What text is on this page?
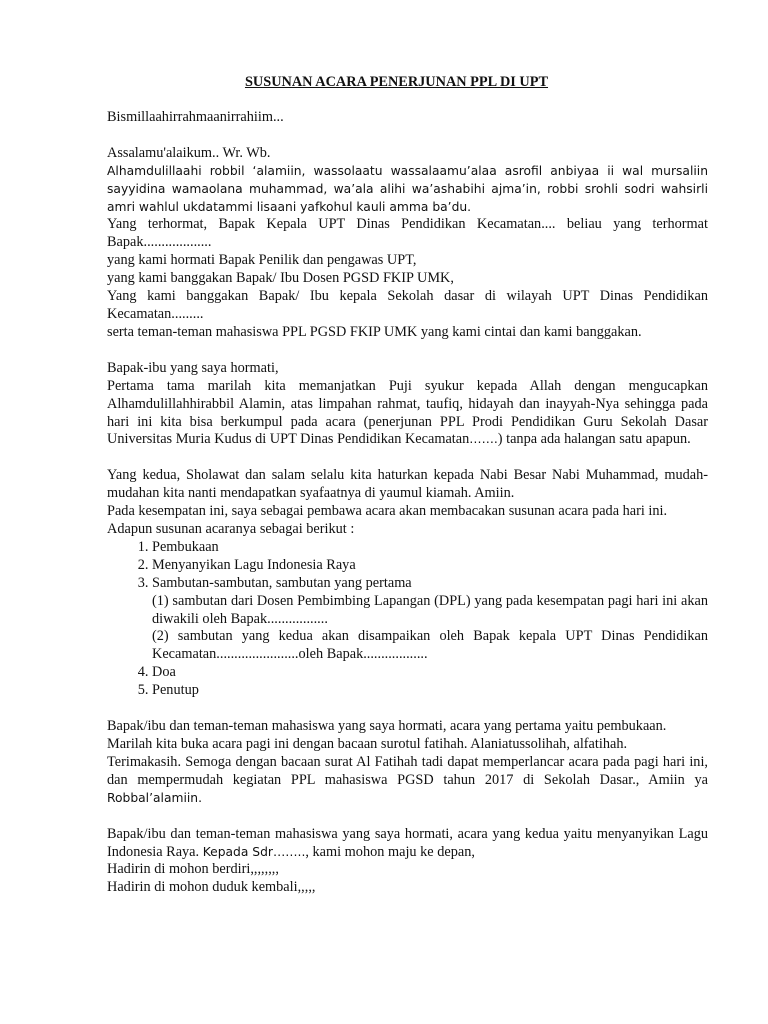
SUSUNAN ACARA PENERJUNAN PPL DI UPT

Bismillaahirrahmaanirrahiim...

Assalamu'alaikum.. Wr. Wb.

Alhamdulillaahi robbil ‘alamiin, wassolaatu wassalaamu’alaa asrofil anbiyaa ii wal mursaliin sayyidina wamaolana muhammad, wa’ala alihi wa’ashabihi ajma’in, robbi srohli sodri wahsirli amri wahlul ukdatammi lisaani yafkohul kauli amma ba’du.

Yang terhormat, Bapak Kepala UPT Dinas Pendidikan Kecamatan.... beliau yang terhormat Bapak...................

yang kami hormati Bapak Penilik dan pengawas UPT,

yang kami banggakan Bapak/ Ibu Dosen PGSD FKIP UMK,

Yang kami banggakan Bapak/ Ibu kepala Sekolah dasar di wilayah UPT Dinas Pendidikan Kecamatan.........

serta teman-teman mahasiswa PPL PGSD FKIP UMK yang kami cintai dan kami banggakan.

Bapak-ibu yang saya hormati,

Pertama tama marilah kita memanjatkan Puji syukur kepada Allah dengan mengucapkan Alhamdulillahhirabbil Alamin, atas limpahan rahmat, taufiq, hidayah dan inayyah-Nya sehingga pada hari ini kita bisa berkumpul pada acara (penerjunan PPL Prodi Pendidikan Guru Sekolah Dasar Universitas Muria Kudus di UPT Dinas Pendidikan Kecamatan…….) tanpa ada halangan satu apapun.

Yang kedua, Sholawat dan salam selalu kita haturkan kepada Nabi Besar Nabi Muhammad, mudah-mudahan kita nanti mendapatkan syafaatnya di yaumul kiamah. Amiin.

Pada kesempatan ini, saya sebagai pembawa acara akan membacakan susunan acara pada hari ini.

Adapun susunan acaranya sebagai berikut :

1. Pembukaan
2. Menyanyikan Lagu Indonesia Raya
3. Sambutan-sambutan, sambutan yang pertama

(1) sambutan dari Dosen Pembimbing Lapangan (DPL) yang pada kesempatan pagi hari ini akan diwakili oleh Bapak.................

(2) sambutan yang kedua akan disampaikan oleh Bapak kepala UPT Dinas Pendidikan Kecamatan.......................oleh Bapak..................

4. Doa
5. Penutup

Bapak/ibu dan teman-teman mahasiswa yang saya hormati, acara yang pertama yaitu pembukaan.

Marilah kita buka acara pagi ini dengan bacaan surotul fatihah. Alaniatussolihah, alfatihah.

Terimakasih. Semoga dengan bacaan surat Al Fatihah tadi dapat memperlancar acara pada pagi hari ini, dan mempermudah kegiatan PPL mahasiswa PGSD tahun 2017 di Sekolah Dasar., Amiin ya Robbal’alamiin.

Bapak/ibu dan teman-teman mahasiswa yang saya hormati, acara yang kedua yaitu menyanyikan Lagu Indonesia Raya. Kepada Sdr…….., kami mohon maju ke depan,

Hadirin di mohon berdiri,,,,,,,,

Hadirin di mohon duduk kembali,,,,,
